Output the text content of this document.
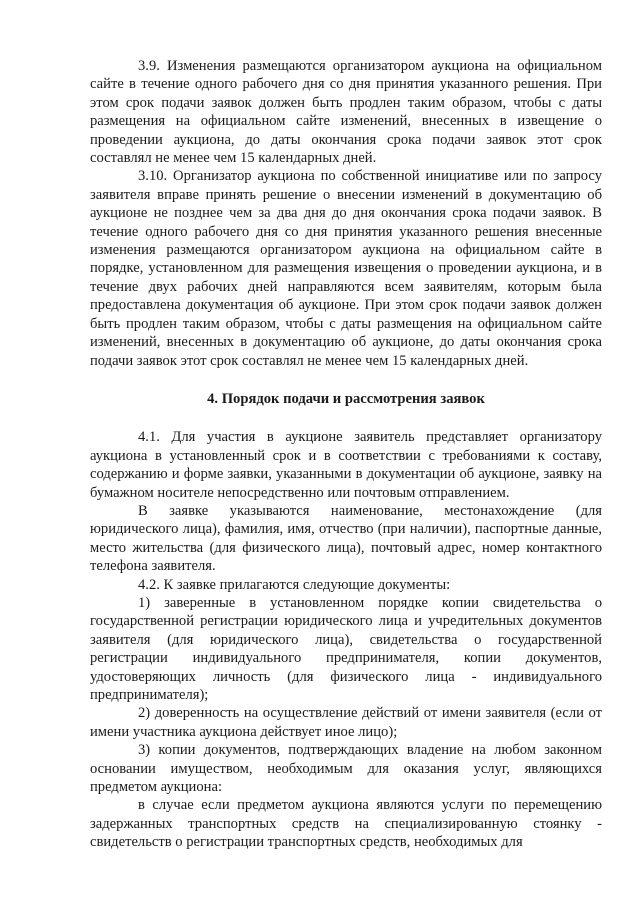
3.9. Изменения размещаются организатором аукциона на официальном сайте в течение одного рабочего дня со дня принятия указанного решения. При этом срок подачи заявок должен быть продлен таким образом, чтобы с даты размещения на официальном сайте изменений, внесенных в извещение о проведении аукциона, до даты окончания срока подачи заявок этот срок составлял не менее чем 15 календарных дней.

3.10. Организатор аукциона по собственной инициативе или по запросу заявителя вправе принять решение о внесении изменений в документацию об аукционе не позднее чем за два дня до дня окончания срока подачи заявок. В течение одного рабочего дня со дня принятия указанного решения внесенные изменения размещаются организатором аукциона на официальном сайте в порядке, установленном для размещения извещения о проведении аукциона, и в течение двух рабочих дней направляются всем заявителям, которым была предоставлена документация об аукционе. При этом срок подачи заявок должен быть продлен таким образом, чтобы с даты размещения на официальном сайте изменений, внесенных в документацию об аукционе, до даты окончания срока подачи заявок этот срок составлял не менее чем 15 календарных дней.

4. Порядок подачи и рассмотрения заявок

4.1. Для участия в аукционе заявитель представляет организатору аукциона в установленный срок и в соответствии с требованиями к составу, содержанию и форме заявки, указанными в документации об аукционе, заявку на бумажном носителе непосредственно или почтовым отправлением.

В заявке указываются наименование, местонахождение (для юридического лица), фамилия, имя, отчество (при наличии), паспортные данные, место жительства (для физического лица), почтовый адрес, номер контактного телефона заявителя.

4.2. К заявке прилагаются следующие документы:

1) заверенные в установленном порядке копии свидетельства о государственной регистрации юридического лица и учредительных документов заявителя (для юридического лица), свидетельства о государственной регистрации индивидуального предпринимателя, копии документов, удостоверяющих личность (для физического лица - индивидуального предпринимателя);

2) доверенность на осуществление действий от имени заявителя (если от имени участника аукциона действует иное лицо);

3) копии документов, подтверждающих владение на любом законном основании имуществом, необходимым для оказания услуг, являющихся предметом аукциона:

в случае если предметом аукциона являются услуги по перемещению задержанных транспортных средств на специализированную стоянку - свидетельств о регистрации транспортных средств, необходимых для
